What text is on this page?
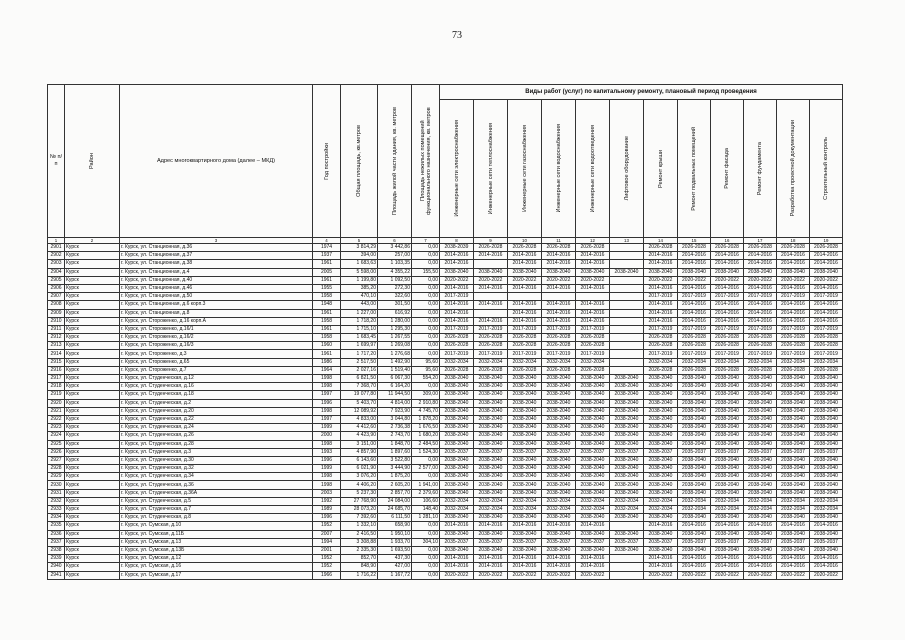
73
№ п/п	Район	Адрес многоквартирного дома (далее – МКД)	Год постройки	Общая площадь, кв.метров	Площадь жилой части здания, кв. метров	Площадь нежилых помещений функционального назначения, кв. метров	Виды работ (услуг) по капитальному ремонту, плановый период проведения											

							Инженерные сети электроснабжения	Инженерные сети теплоснабжения	Инженерные сети газоснабжения	Инженерные сети водоснабжения	Инженерные сети водоотведения	Лифтовое оборудование	Ремонт крыши	Ремонт подвальных помещений	Ремонт фасада	Ремонт фундамента	Разработка проектной документации	Строительный контроль

1	2	3	4	5	6	7	8	9	10	11	12	13	14	15	16	17	18	19
2901	Курск	г. Курск, ул. Станционная, д.36	1974	3 814,29	3 442,86	0,00	2038-2039	2026-2028	2026-2028	2026-2028	2026-2028		2026-2028	2026-2028	2026-2028	2026-2028	2026-2028	2026-2028
2902	Курск	г. Курск, ул. Станционная, д.37	1937	394,00	257,00	0,00	2014-2016	2014-2016	2014-2016	2014-2016	2014-2016		2014-2016	2014-2016	2014-2016	2014-2016	2014-2016	2014-2016
2903	Курск	г. Курск, ул. Станционная, д.38	1961	1 683,63	1 103,35	0,00	2014-2016		2014-2016	2014-2016	2014-2016		2014-2016	2014-2016	2014-2016	2014-2016	2014-2016	2014-2016
2904	Курск	г. Курск, ул. Станционная, д.4	2005	5 598,00	4 355,22	155,50	2038-2040	2038-2040	2038-2040	2038-2040	2038-2040	2038-2040	2038-2040	2038-2040	2038-2040	2038-2040	2038-2040	2038-2040
2905	Курск	г. Курск, ул. Станционная, д.40	1961	1 199,80	1 092,50	0,00	2020-2022	2020-2022	2020-2022	2020-2022	2020-2022		2020-2022	2020-2022	2020-2022	2020-2022	2020-2022	2020-2022
2906	Курск	г. Курск, ул. Станционная, д.46	1955	385,20	272,30	0,00	2014-2016	2014-2016	2014-2016	2014-2016	2014-2016		2014-2016	2014-2016	2014-2016	2014-2016	2014-2016	2014-2016
2907	Курск	г. Курск, ул. Станционная, д.50	1958	470,10	322,60	0,00	2017-2019						2017-2019	2017-2019	2017-2019	2017-2019	2017-2019	2017-2019
2908	Курск	г. Курск, ул. Станционная, д.6 корп.3	1948	443,00	301,50	0,00	2014-2016	2014-2016	2014-2016	2014-2016	2014-2016		2014-2016	2014-2016	2014-2016	2014-2016	2014-2016	2014-2016
2909	Курск	г. Курск, ул. Станционная, д.8	1961	1 227,00	616,92	0,00	2014-2016		2014-2016	2014-2016	2014-2016		2014-2016	2014-2016	2014-2016	2014-2016	2014-2016	2014-2016
2910	Курск	г. Курск, ул. Стороженко, д.16 корп.А	1958	1 718,20	1 280,00	0,00	2014-2016	2014-2016	2014-2016	2014-2016	2014-2016		2014-2016	2014-2016	2014-2016	2014-2016	2014-2016	2014-2016
2911	Курск	г. Курск, ул. Стороженко, д.16/1	1961	1 715,10	1 295,30	0,00	2017-2019	2017-2019	2017-2019	2017-2019	2017-2019		2017-2019	2017-2019	2017-2019	2017-2019	2017-2019	2017-2019
2912	Курск	г. Курск, ул. Стороженко, д.16/2	1958	1 683,45	1 267,55	0,00	2026-2028	2026-2028	2026-2028	2026-2028	2026-2028		2026-2028	2026-2028	2026-2028	2026-2028	2026-2028	2026-2028
2913	Курск	г. Курск, ул. Стороженко, д.16/3	1960	1 699,97	1 269,08	0,00	2026-2028	2026-2028	2026-2028	2026-2028	2026-2028		2026-2028	2026-2028	2026-2028	2026-2028	2026-2028	2026-2028
2914	Курск	г. Курск, ул. Стороженко, д.3	1961	1 717,20	1 276,68	0,00	2017-2019	2017-2019	2017-2019	2017-2019	2017-2019		2017-2019	2017-2019	2017-2019	2017-2019	2017-2019	2017-2019
2915	Курск	г. Курск, ул. Стороженко, д.65	1986	2 517,50	1 492,90	95,60	2032-2034	2032-2034	2032-2034	2032-2034	2032-2034		2032-2034	2032-2034	2032-2034	2032-2034	2032-2034	2032-2034
2916	Курск	г. Курск, ул. Стороженко, д.7	1964	2 027,16	1 519,40	95,60	2026-2028	2026-2028	2026-2028	2026-2028	2026-2028		2026-2028	2026-2028	2026-2028	2026-2028	2026-2028	2026-2028
2917	Курск	г. Курск, ул. Студенческая, д.12	1998	6 821,50	6 067,30	554,20	2038-2040	2038-2040	2038-2040	2038-2040	2038-2040	2038-2040	2038-2040	2038-2040	2038-2040	2038-2040	2038-2040	2038-2040
2918	Курск	г. Курск, ул. Студенческая, д.16	1998	7 368,70	6 164,20	0,00	2038-2040	2038-2040	2038-2040	2038-2040	2038-2040	2038-2040	2038-2040	2038-2040	2038-2040	2038-2040	2038-2040	2038-2040
2919	Курск	г. Курск, ул. Студенческая, д.18	1997	19 077,80	11 944,50	309,00	2038-2040	2038-2040	2038-2040	2038-2040	2038-2040	2038-2040	2038-2040	2038-2040	2038-2040	2038-2040	2038-2040	2038-2040
2920	Курск	г. Курск, ул. Студенческая, д.2	1996	5 403,70	4 814,00	2 910,80	2038-2040	2038-2040	2038-2040	2038-2040	2038-2040	2038-2040	2038-2040	2038-2040	2038-2040	2038-2040	2038-2040	2038-2040
2921	Курск	г. Курск, ул. Студенческая, д.20	1998	12 089,92	7 923,90	4 745,70	2038-2040	2038-2040	2038-2040	2038-2040	2038-2040	2038-2040	2038-2040	2038-2040	2038-2040	2038-2040	2038-2040	2038-2040
2922	Курск	г. Курск, ул. Студенческая, д.22	1997	4 833,00	3 044,80	1 878,20	2038-2040	2038-2040	2038-2040	2038-2040	2038-2040	2038-2040	2038-2040	2038-2040	2038-2040	2038-2040	2038-2040	2038-2040
2923	Курск	г. Курск, ул. Студенческая, д.24	1999	4 412,60	2 736,38	1 676,50	2038-2040	2038-2040	2038-2040	2038-2040	2038-2040	2038-2040	2038-2040	2038-2040	2038-2040	2038-2040	2038-2040	2038-2040
2924	Курск	г. Курск, ул. Студенческая, д.26	2000	4 423,90	2 743,70	1 680,20	2038-2040	2038-2040	2038-2040	2038-2040	2038-2040	2038-2040	2038-2040	2038-2040	2038-2040	2038-2040	2038-2040	2038-2040
2925	Курск	г. Курск, ул. Студенческая, д.28	1998	3 151,00	1 848,70	2 484,50	2038-2040	2038-2040	2038-2040	2038-2040	2038-2040	2038-2040	2038-2040	2038-2040	2038-2040	2038-2040	2038-2040	2038-2040
2926	Курск	г. Курск, ул. Студенческая, д.3	1993	4 857,90	1 897,60	1 524,30	2035-2037	2035-2037	2035-2037	2035-2037	2035-2037	2035-2037	2035-2037	2035-2037	2035-2037	2035-2037	2035-2037	2035-2037
2927	Курск	г. Курск, ул. Студенческая, д.30	1996	6 143,60	3 522,80	0,00	2038-2040	2038-2040	2038-2040	2038-2040	2038-2040	2038-2040	2038-2040	2038-2040	2038-2040	2038-2040	2038-2040	2038-2040
2928	Курск	г. Курск, ул. Студенческая, д.32	1999	6 021,90	3 444,90	2 577,00	2038-2040	2038-2040	2038-2040	2038-2040	2038-2040	2038-2040	2038-2040	2038-2040	2038-2040	2038-2040	2038-2040	2038-2040
2929	Курск	г. Курск, ул. Студенческая, д.34	1998	3 076,20	1 875,20	0,00	2038-2040	2038-2040	2038-2040	2038-2040	2038-2040	2038-2040	2038-2040	2038-2040	2038-2040	2038-2040	2038-2040	2038-2040
2930	Курск	г. Курск, ул. Студенческая, д.36	1998	4 406,20	2 605,20	1 941,00	2038-2040	2038-2040	2038-2040	2038-2040	2038-2040	2038-2040	2038-2040	2038-2040	2038-2040	2038-2040	2038-2040	2038-2040
2931	Курск	г. Курск, ул. Студенческая, д.36А	2003	5 237,30	2 857,70	2 379,60	2038-2040	2038-2040	2038-2040	2038-2040	2038-2040	2038-2040	2038-2040	2038-2040	2038-2040	2038-2040	2038-2040	2038-2040
2932	Курск	г. Курск, ул. Студенческая, д.5	1992	27 768,90	24 084,00	106,60	2032-2034	2032-2034	2032-2034	2032-2034	2032-2034	2032-2034	2032-2034	2032-2034	2032-2034	2032-2034	2032-2034	2032-2034
2933	Курск	г. Курск, ул. Студенческая, д.7	1989	28 073,20	24 685,70	148,40	2032-2034	2032-2034	2032-2034	2032-2034	2032-2034	2032-2034	2032-2034	2032-2034	2032-2034	2032-2034	2032-2034	2032-2034
2934	Курск	г. Курск, ул. Студенческая, д.8	1996	7 392,60	6 111,50	1 281,10	2038-2040	2038-2040	2038-2040	2038-2040	2038-2040	2038-2040	2038-2040	2038-2040	2038-2040	2038-2040	2038-2040	2038-2040
2935	Курск	г. Курск, ул. Сумская, д.10	1952	1 332,10	658,90	0,00	2014-2016	2014-2016	2014-2016	2014-2016	2014-2016		2014-2016	2014-2016	2014-2016	2014-2016	2014-2016	2014-2016
2936	Курск	г. Курск, ул. Сумская, д.11Б	2007	2 416,50	1 950,10	0,00	2038-2040	2038-2040	2038-2040	2038-2040	2038-2040	2038-2040	2038-2040	2038-2040	2038-2040	2038-2040	2038-2040	2038-2040
2937	Курск	г. Курск, ул. Сумская, д.13	1994	3 308,88	1 933,70	304,10	2035-2037	2035-2037	2035-2037	2035-2037	2035-2037	2035-2037	2035-2037	2035-2037	2035-2037	2035-2037	2035-2037	2035-2037
2938	Курск	г. Курск, ул. Сумская, д.13Б	2001	2 335,30	1 693,50	0,00	2038-2040	2038-2040	2038-2040	2038-2040	2038-2040	2038-2040	2038-2040	2038-2040	2038-2040	2038-2040	2038-2040	2038-2040
2939	Курск	г. Курск, ул. Сумская, д.12	1952	852,70	437,30	0,00	2014-2016	2014-2016	2014-2016	2014-2016	2014-2016		2014-2016	2014-2016	2014-2016	2014-2016	2014-2016	2014-2016
2940	Курск	г. Курск, ул. Сумская, д.16	1952	848,90	427,00	0,00	2014-2016	2014-2016	2014-2016	2014-2016	2014-2016		2014-2016	2014-2016	2014-2016	2014-2016	2014-2016	2014-2016
2941	Курск	г. Курск, ул. Сумская, д.17	1966	1 716,22	1 167,72	0,00	2020-2022	2020-2022	2020-2022	2020-2022	2020-2022		2020-2022	2020-2022	2020-2022	2020-2022	2020-2022	2020-2022
